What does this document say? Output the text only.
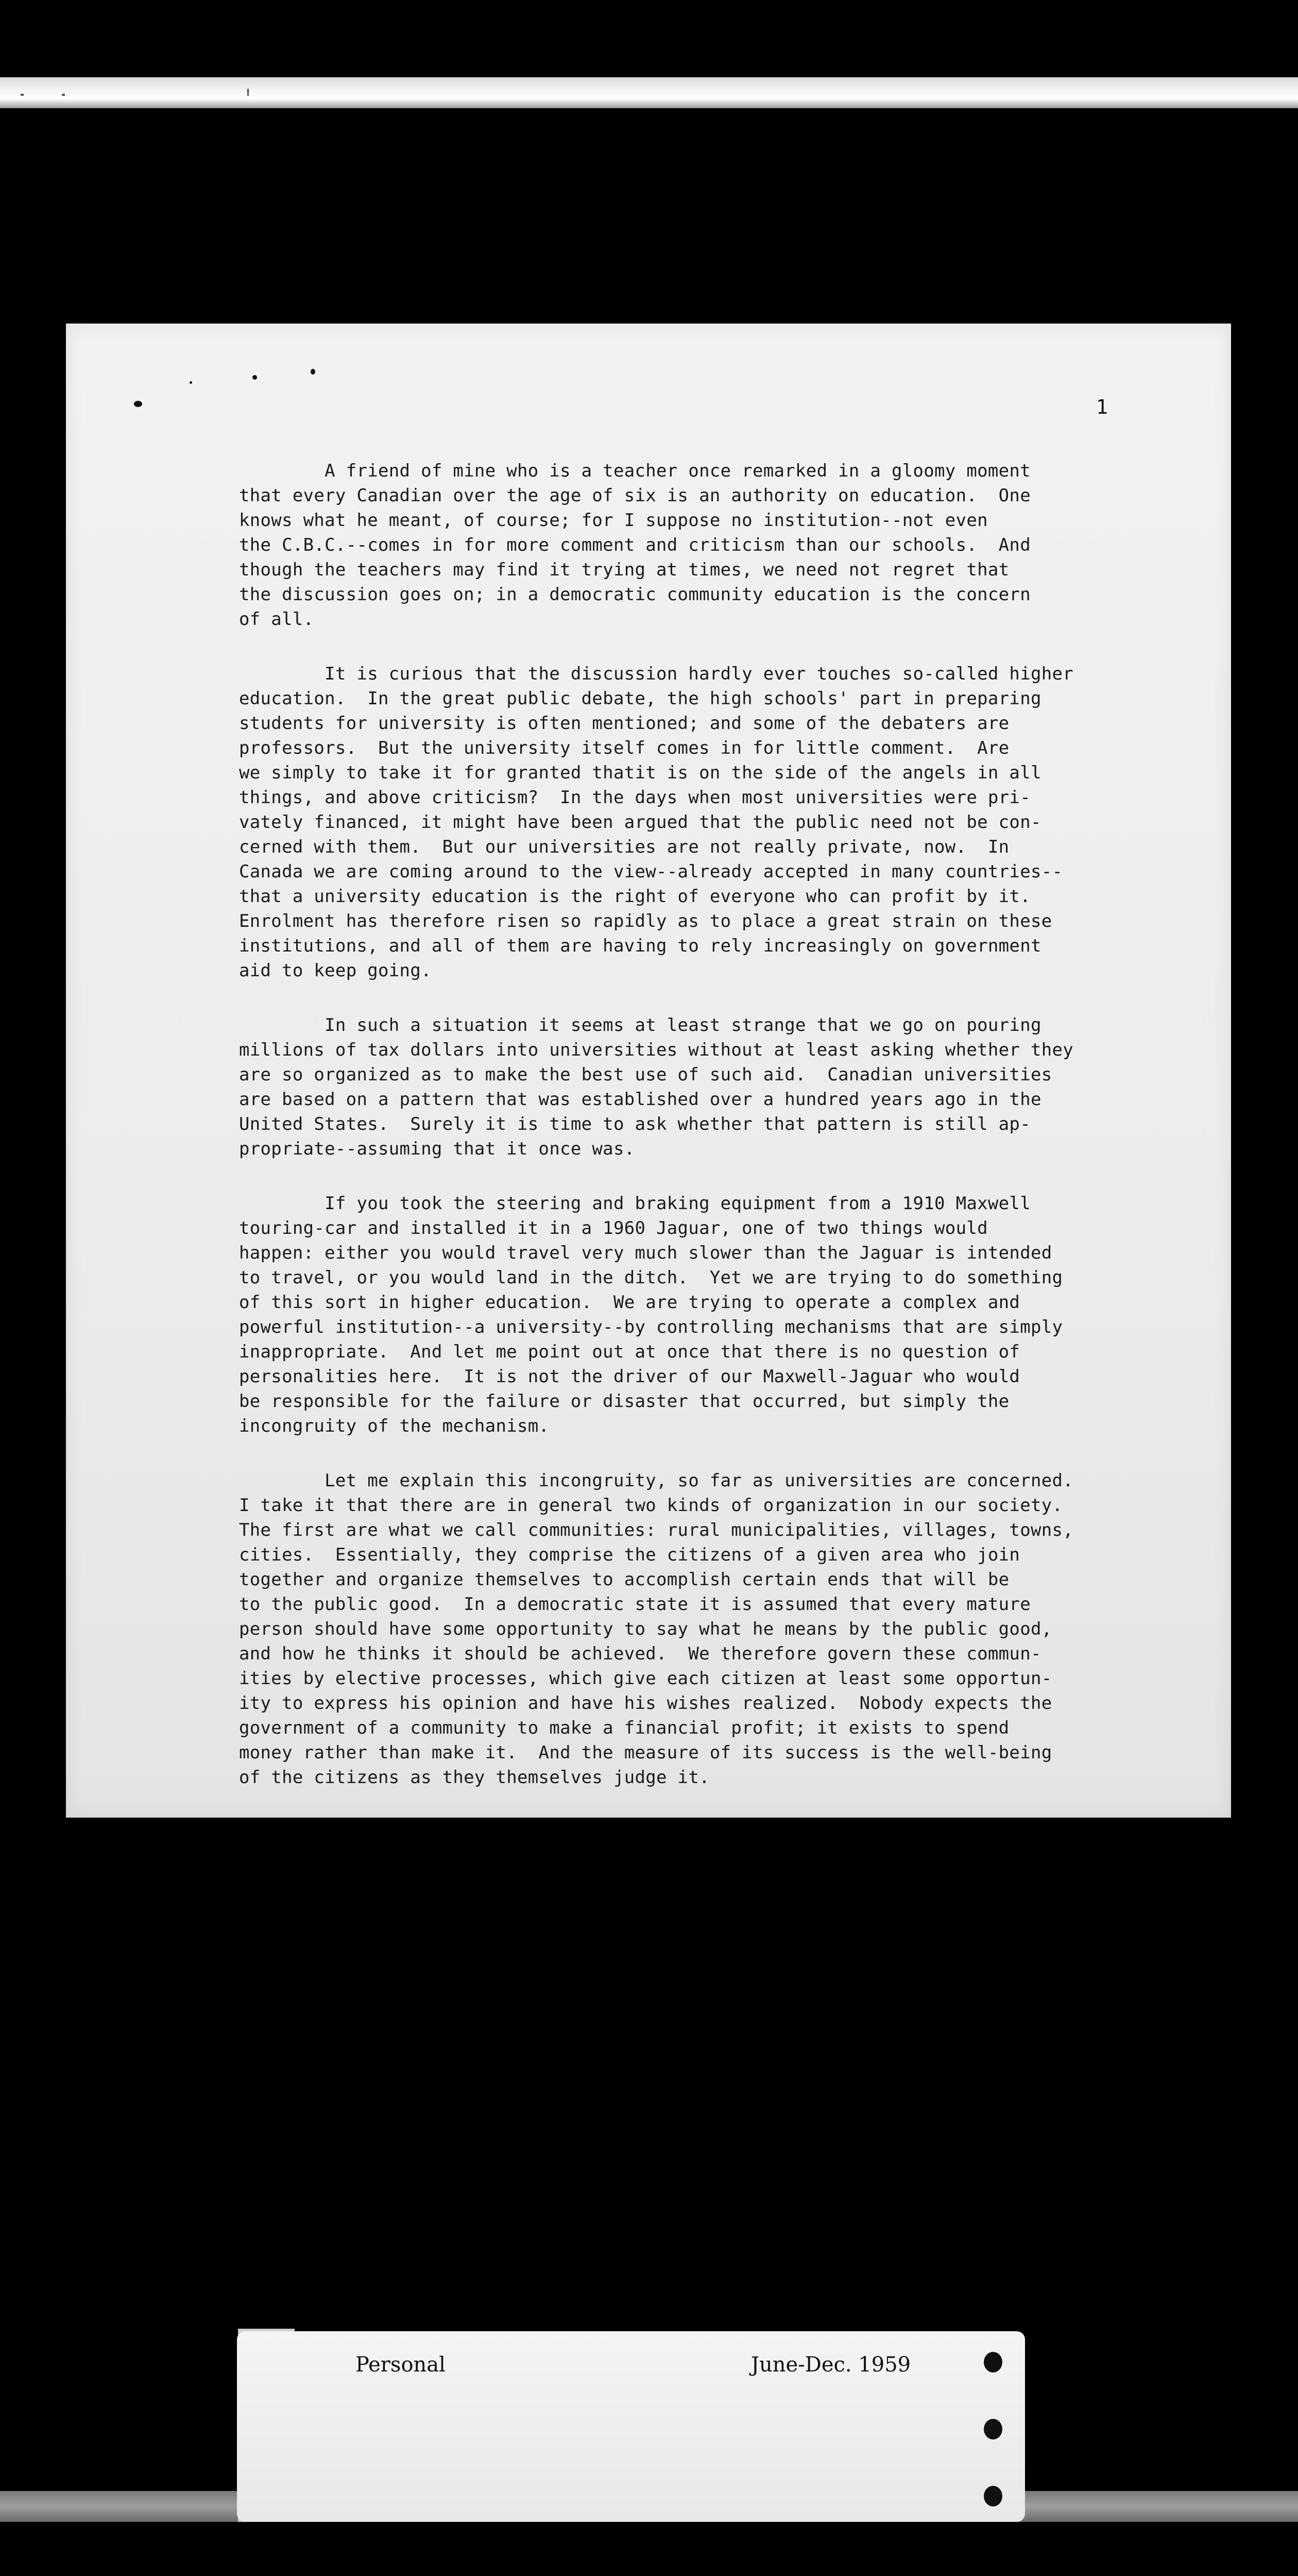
1

A friend of mine who is a teacher once remarked in a gloomy moment
that every Canadian over the age of six is an authority on education.  One
knows what he meant, of course; for I suppose no institution--not even
the C.B.C.--comes in for more comment and criticism than our schools.  And
though the teachers may find it trying at times, we need not regret that
the discussion goes on; in a democratic community education is the concern
of all.
It is curious that the discussion hardly ever touches so-called higher
education.  In the great public debate, the high schools' part in preparing
students for university is often mentioned; and some of the debaters are
professors.  But the university itself comes in for little comment.  Are
we simply to take it for granted thatit is on the side of the angels in all
things, and above criticism?  In the days when most universities were pri-
vately financed, it might have been argued that the public need not be con-
cerned with them.  But our universities are not really private, now.  In
Canada we are coming around to the view--already accepted in many countries--
that a university education is the right of everyone who can profit by it.
Enrolment has therefore risen so rapidly as to place a great strain on these
institutions, and all of them are having to rely increasingly on government
aid to keep going.
In such a situation it seems at least strange that we go on pouring
millions of tax dollars into universities without at least asking whether they
are so organized as to make the best use of such aid.  Canadian universities
are based on a pattern that was established over a hundred years ago in the
United States.  Surely it is time to ask whether that pattern is still ap-
propriate--assuming that it once was.
If you took the steering and braking equipment from a 1910 Maxwell
touring-car and installed it in a 1960 Jaguar, one of two things would
happen: either you would travel very much slower than the Jaguar is intended
to travel, or you would land in the ditch.  Yet we are trying to do something
of this sort in higher education.  We are trying to operate a complex and
powerful institution--a university--by controlling mechanisms that are simply
inappropriate.  And let me point out at once that there is no question of
personalities here.  It is not the driver of our Maxwell-Jaguar who would
be responsible for the failure or disaster that occurred, but simply the
incongruity of the mechanism.
Let me explain this incongruity, so far as universities are concerned.
I take it that there are in general two kinds of organization in our society.
The first are what we call communities: rural municipalities, villages, towns,
cities.  Essentially, they comprise the citizens of a given area who join
together and organize themselves to accomplish certain ends that will be
to the public good.  In a democratic state it is assumed that every mature
person should have some opportunity to say what he means by the public good,
and how he thinks it should be achieved.  We therefore govern these commun-
ities by elective processes, which give each citizen at least some opportun-
ity to express his opinion and have his wishes realized.  Nobody expects the
government of a community to make a financial profit; it exists to spend
money rather than make it.  And the measure of its success is the well-being
of the citizens as they themselves judge it.

Personal	June-Dec. 1959
